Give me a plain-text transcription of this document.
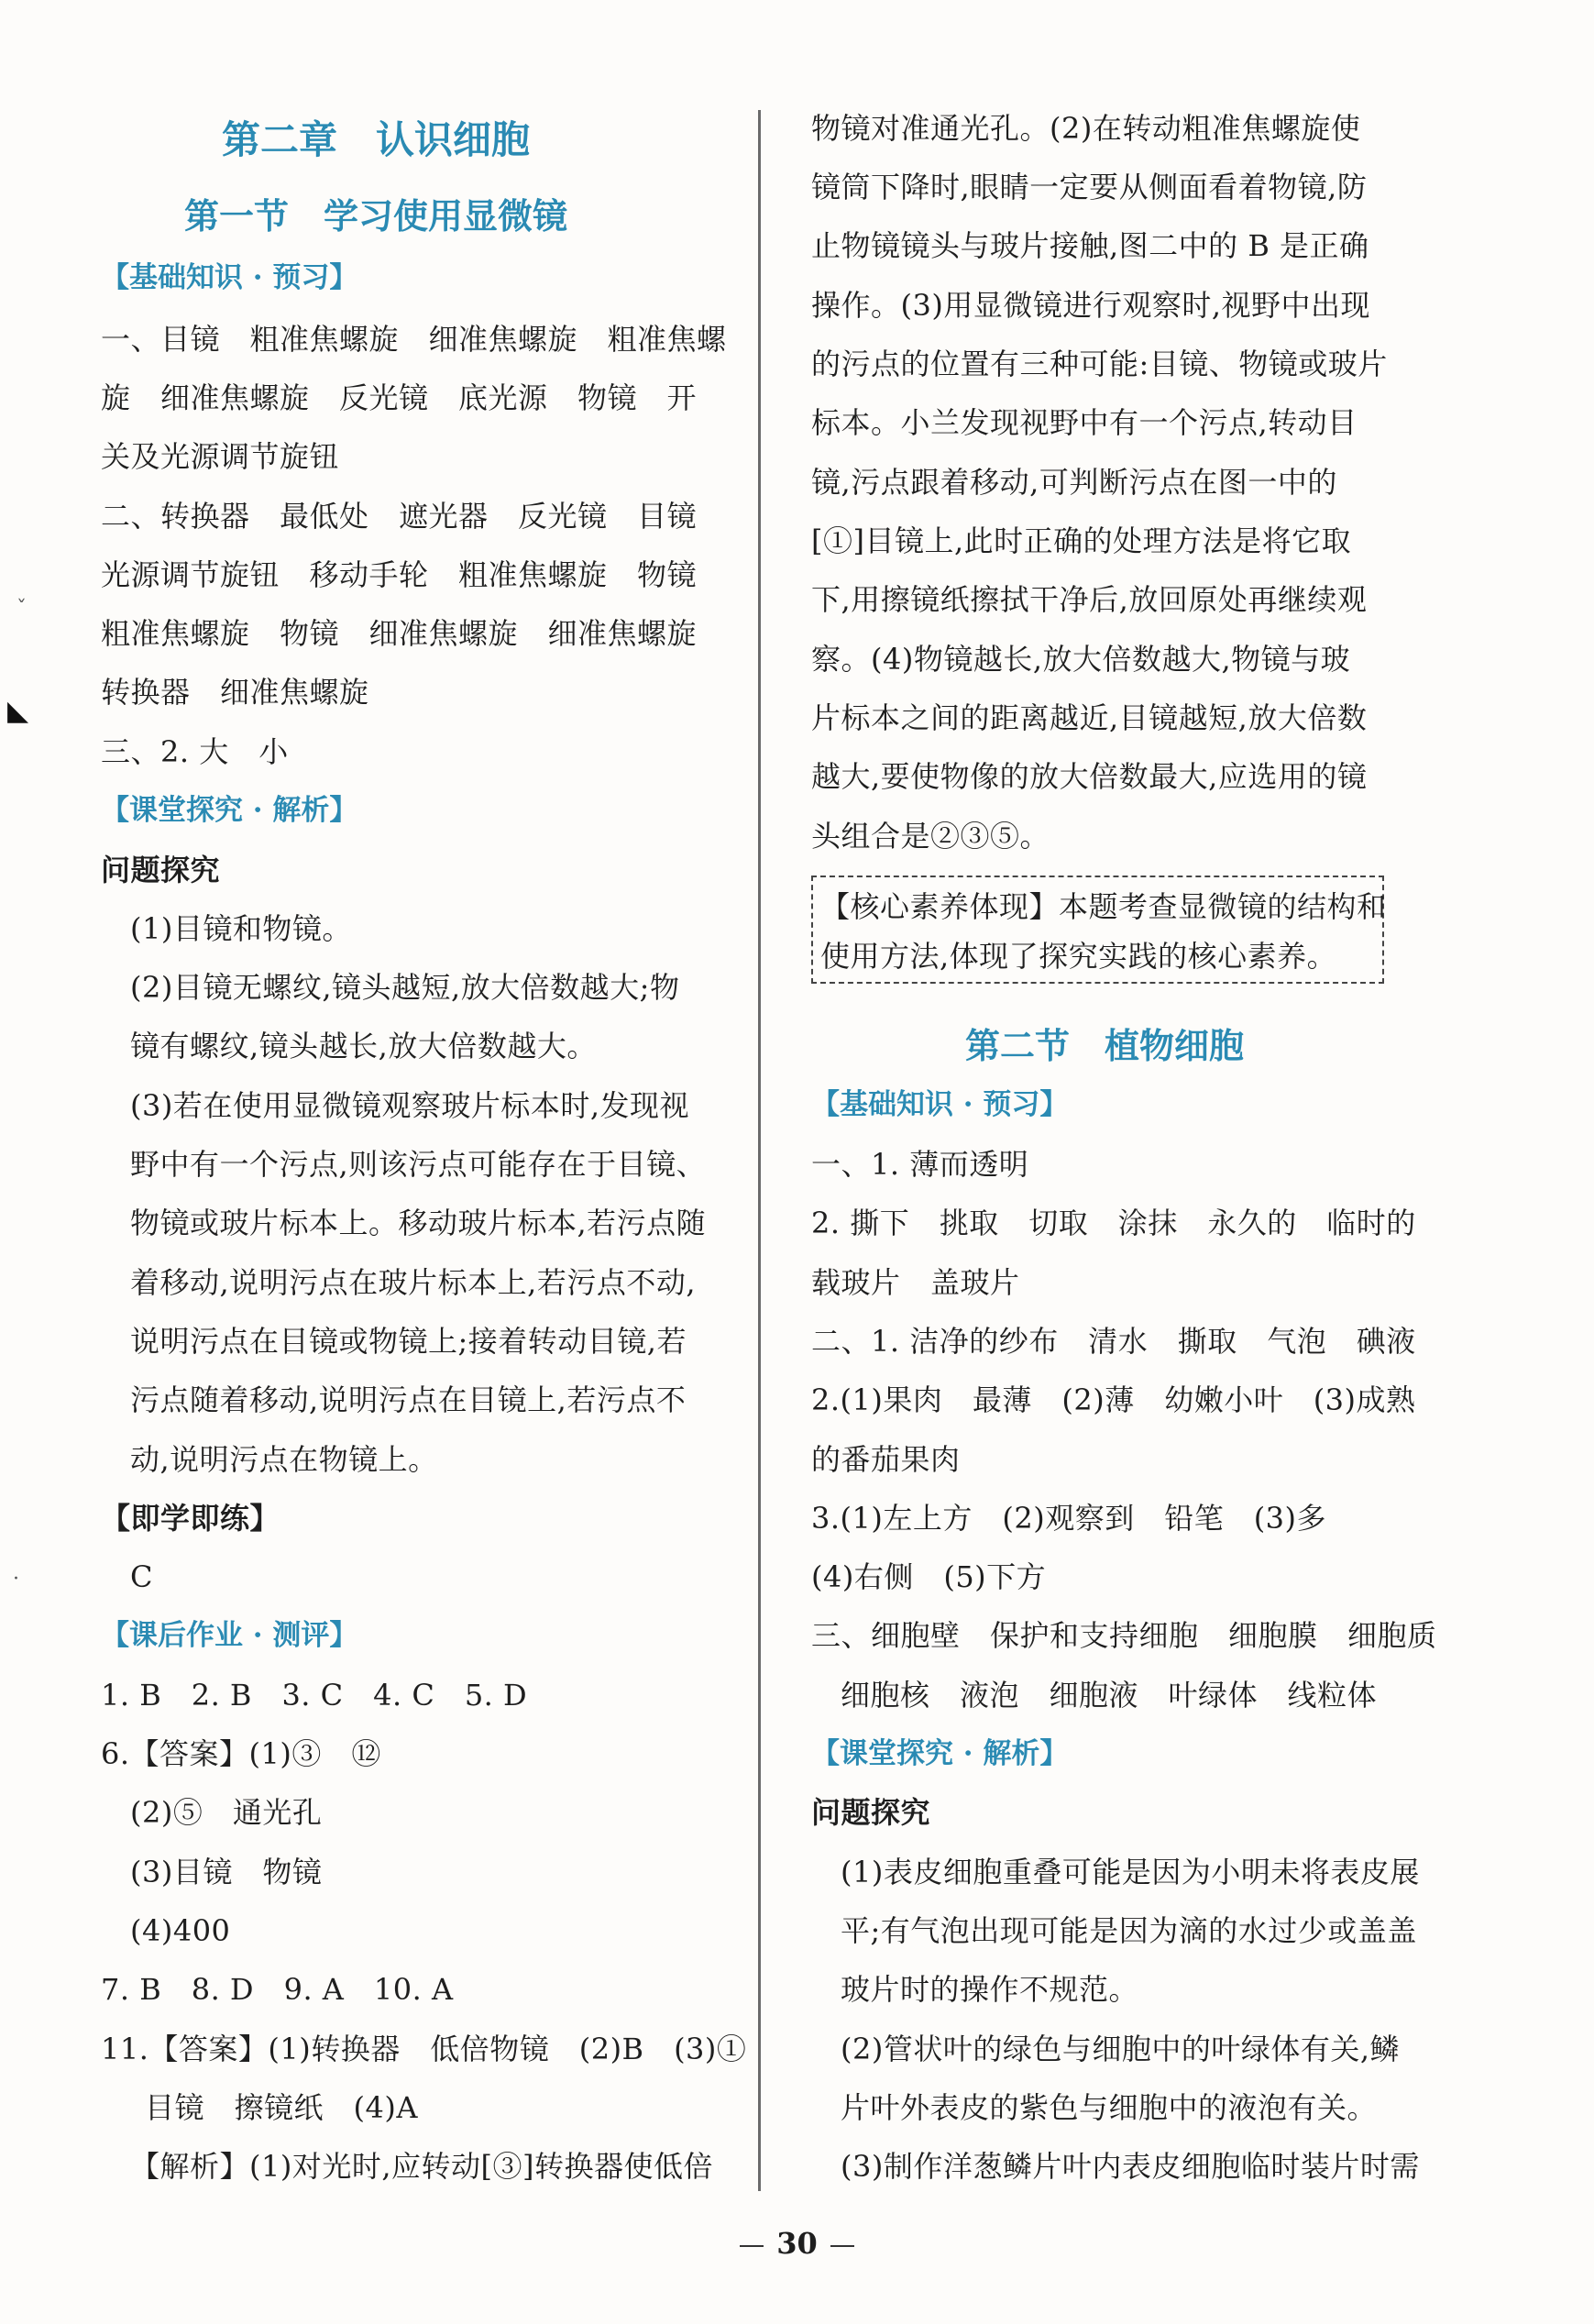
第二章　认识细胞
第一节　学习使用显微镜
【基础知识 · 预习】
一、目镜　粗准焦螺旋　细准焦螺旋　粗准焦螺
旋　细准焦螺旋　反光镜　底光源　物镜　开
关及光源调节旋钮
二、转换器　最低处　遮光器　反光镜　目镜
光源调节旋钮　移动手轮　粗准焦螺旋　物镜
粗准焦螺旋　物镜　细准焦螺旋　细准焦螺旋
转换器　细准焦螺旋
三、2. 大　小
【课堂探究 · 解析】
问题探究
(1)目镜和物镜。
(2)目镜无螺纹,镜头越短,放大倍数越大;物
镜有螺纹,镜头越长,放大倍数越大。
(3)若在使用显微镜观察玻片标本时,发现视
野中有一个污点,则该污点可能存在于目镜、
物镜或玻片标本上。移动玻片标本,若污点随
着移动,说明污点在玻片标本上,若污点不动,
说明污点在目镜或物镜上;接着转动目镜,若
污点随着移动,说明污点在目镜上,若污点不
动,说明污点在物镜上。
【即学即练】
C
【课后作业 · 测评】
1. B　2. B　3. C　4. C　5. D
6.【答案】(1)③　⑫
(2)⑤　通光孔
(3)目镜　物镜
(4)400
7. B　8. D　9. A　10. A
11.【答案】(1)转换器　低倍物镜　(2)B　(3)①
目镜　擦镜纸　(4)A
【解析】(1)对光时,应转动[③]转换器使低倍
物镜对准通光孔。(2)在转动粗准焦螺旋使
镜筒下降时,眼睛一定要从侧面看着物镜,防
止物镜镜头与玻片接触,图二中的 B 是正确
操作。(3)用显微镜进行观察时,视野中出现
的污点的位置有三种可能:目镜、物镜或玻片
标本。小兰发现视野中有一个污点,转动目
镜,污点跟着移动,可判断污点在图一中的
[①]目镜上,此时正确的处理方法是将它取
下,用擦镜纸擦拭干净后,放回原处再继续观
察。(4)物镜越长,放大倍数越大,物镜与玻
片标本之间的距离越近,目镜越短,放大倍数
越大,要使物像的放大倍数最大,应选用的镜
头组合是②③⑤。
【核心素养体现】本题考查显微镜的结构和
使用方法,体现了探究实践的核心素养。
第二节　植物细胞
【基础知识 · 预习】
一、1. 薄而透明
2. 撕下　挑取　切取　涂抹　永久的　临时的
载玻片　盖玻片
二、1. 洁净的纱布　清水　撕取　气泡　碘液
2.(1)果肉　最薄　(2)薄　幼嫩小叶　(3)成熟
的番茄果肉
3.(1)左上方　(2)观察到　铅笔　(3)多
(4)右侧　(5)下方
三、细胞壁　保护和支持细胞　细胞膜　细胞质
细胞核　液泡　细胞液　叶绿体　线粒体
【课堂探究 · 解析】
问题探究
(1)表皮细胞重叠可能是因为小明未将表皮展
平;有气泡出现可能是因为滴的水过少或盖盖
玻片时的操作不规范。
(2)管状叶的绿色与细胞中的叶绿体有关,鳞
片叶外表皮的紫色与细胞中的液泡有关。
(3)制作洋葱鳞片叶内表皮细胞临时装片时需
30
ˇ
◣
·
